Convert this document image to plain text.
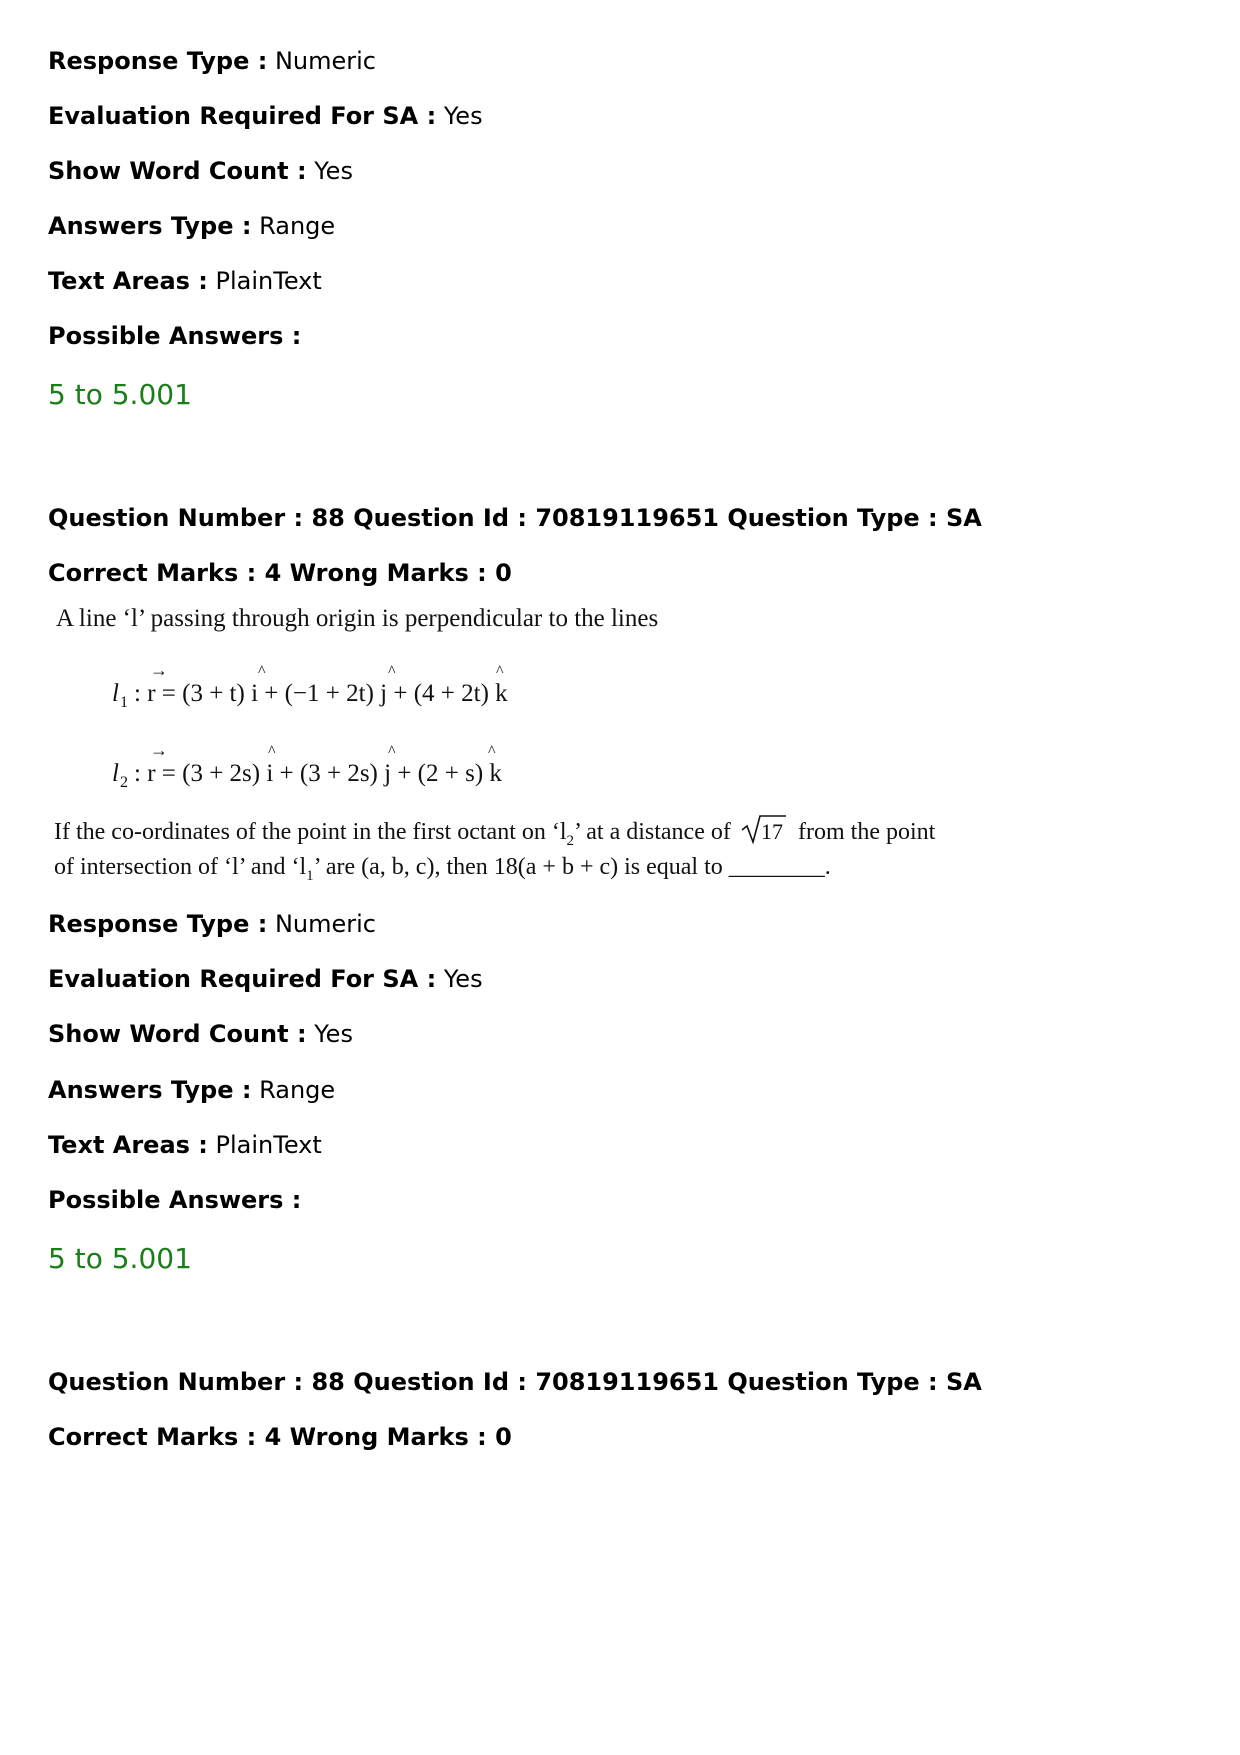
Response Type : Numeric
Evaluation Required For SA : Yes
Show Word Count : Yes
Answers Type : Range
Text Areas : PlainText
Possible Answers :
5 to 5.001
Question Number : 88 Question Id : 70819119651 Question Type : SA
Correct Marks : 4 Wrong Marks : 0
A line ‘l’ passing through origin is perpendicular to the lines
l 1 : r = (3 + t) i + (−1 + 2t) j + (4 + 2t) k
→	^	^	^
l 2 : r = (3 + 2s) i + (3 + 2s) j + (2 + s) k
→	^	^	^
If the co-ordinates of the point in the first octant on ‘$l_2$’ at a distance of 17 from the point
of intersection of ‘l’ and ‘$l_1$’ are (a, b, c), then 18(a + b + c) is equal to ________.
Response Type : Numeric
Evaluation Required For SA : Yes
Show Word Count : Yes
Answers Type : Range
Text Areas : PlainText
Possible Answers :
5 to 5.001
Question Number : 88 Question Id : 70819119651 Question Type : SA
Correct Marks : 4 Wrong Marks : 0
